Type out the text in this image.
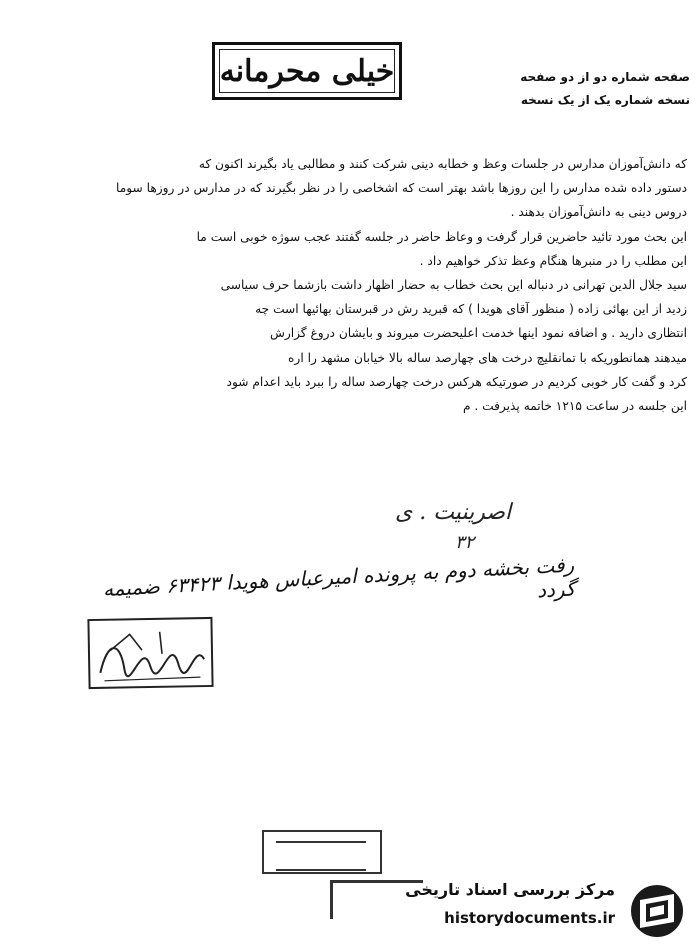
خیلی محرمانه	صفحه شماره دو از دو صفحه
نسخه شماره یک از یک نسخه
که دانش‌آموزان مدارس در جلسات وعظ و خطابه دینی شرکت کنند و مطالبی یاد بگیرند اکنون که
دستور داده شده مدارس را این روزها باشد بهتر است که اشخاصی را در نظر بگیرند که در مدارس در روزها سوما
دروس دینی به دانش‌آموزان بدهند .
این بحث مورد تائید حاضرین قرار گرفت و وعاظ حاضر در جلسه گفتند عجب سوژه خوبی است ما
این مطلب را در منبرها هنگام وعظ تذکر خواهیم داد .
سید جلال الدین تهرانی در دنباله این بحث خطاب به حضار اظهار داشت بازشما حرف سیاسی
زدید از این بهائی زاده ( منظور آقای هویدا ) که قبرید رش در قبرستان بهائیها است چه
انتظاری دارید . و اضافه نمود اینها خدمت اعلیحضرت میروند و بایشان دروغ گزارش
میدهند همانطوریکه با تمانقلیچ درخت های چهارصد ساله بالا خیابان مشهد را اره
کرد و گفت کار خوبی کردیم در صورتیکه هرکس درخت چهارصد ساله را ببرد باید اعدام شود
این جلسه در ساعت ۱۲۱۵ خاتمه پذیرفت . م
اصرینیت . ی
۳۲
رفت بخشه دوم به پرونده امیرعباس هویدا ۶۳۴۲۳ ضمیمه گردد
مرکز بررسی اسناد تاریخی
historydocuments.ir
